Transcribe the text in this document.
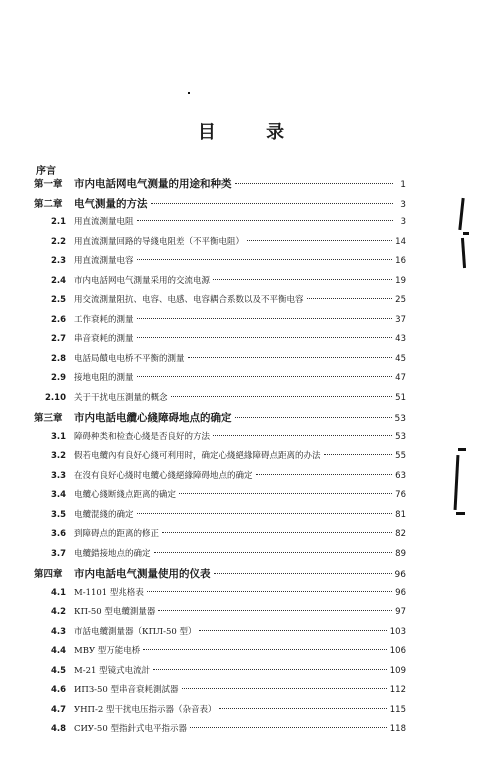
目 录
序言
第一章	市内电話网电气测量的用途和种类	1
第二章	电气测量的方法	3
2.1 用直流测量电阻	3
2.2 用直流測量回路的导綫电阻差（不平衡电阻）	14
2.3 用直流測量电容	16
2.4 市内电話网电气測量采用的交流电源	19
2.5 用交流測量阻抗、电容、电感、电容耦合系数以及不平衡电容	25
2.6 工作衰耗的測量	37
2.7 串音衰耗的測量	43
2.8 电話局饋电电桥不平衡的測量	45
2.9 接地电阻的測量	47
2.10 关于干扰电压測量的概念	51
第三章	市内电話电纜心綫障碍地点的确定	53
3.1 障碍种类和检查心綫是否良好的方法	53
3.2 假若电纜內有良好心綫可利用时，确定心綫絕緣障碍点距离的办法	55
3.3 在沒有良好心綫时电纜心綫絕緣障碍地点的确定	63
3.4 电纜心綫断綫点距离的确定	76
3.5 电纜混綫的确定	81
3.6 到障碍点的距离的修正	82
3.7 电纜錯接地点的确定	89
第四章	市内电話电气测量使用的仪表	96
4.1 M-1101 型兆格表	96
4.2 КП-50 型电纜測量器	97
4.3 市話电纜測量器（КПЛ-50 型）	103
4.4 MBУ 型万能电桥	106
4.5 M-21 型镜式电流計	109
4.6 ИПЗ-50 型串音衰耗測試器	112
4.7 УНП-2 型干扰电压指示器（杂音表）	115
4.8 СИУ-50 型指針式电平指示器	118
